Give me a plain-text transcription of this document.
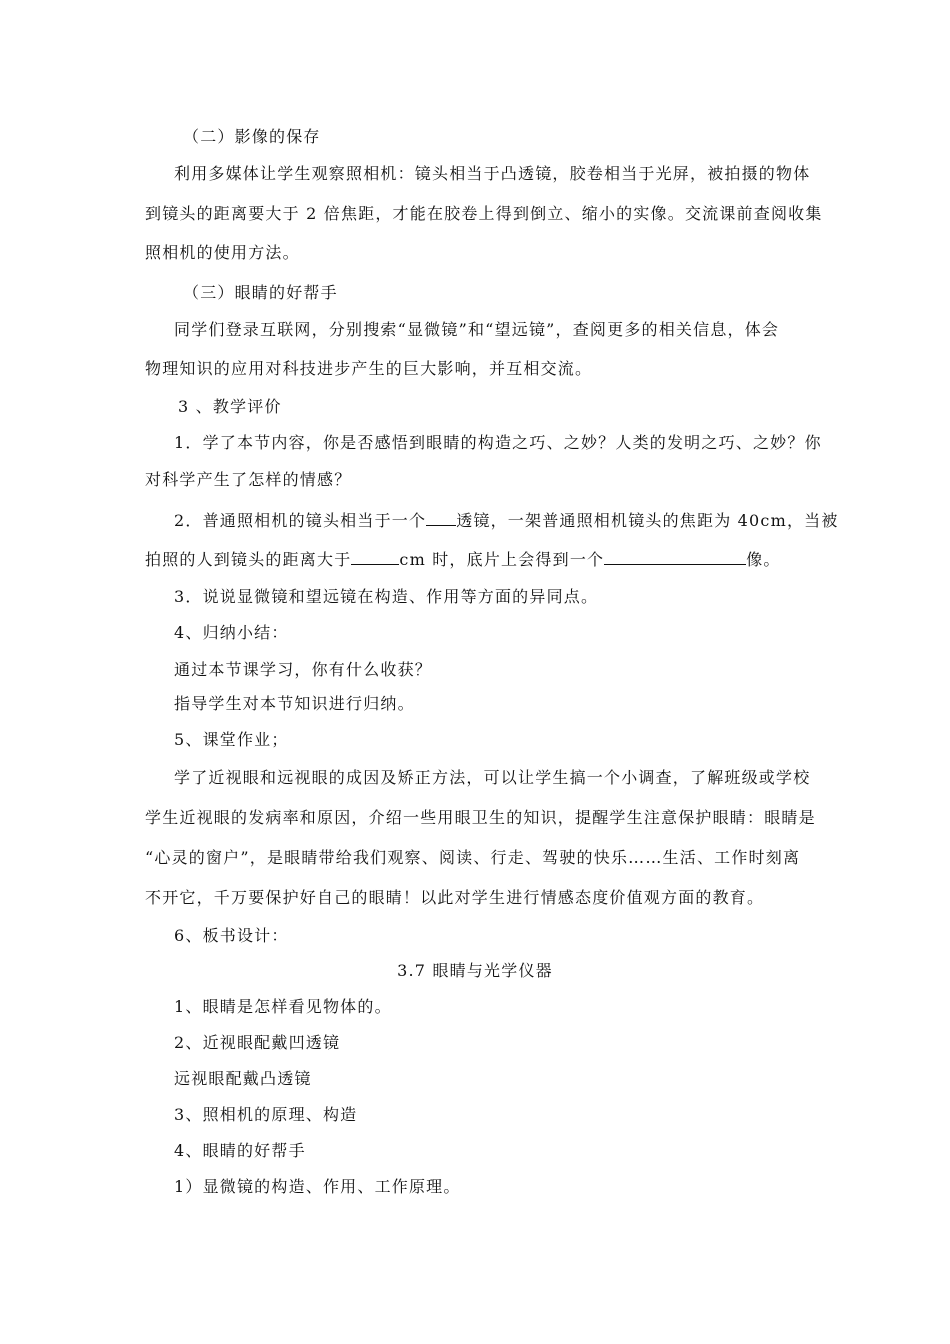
（二）影像的保存
利用多媒体让学生观察照相机：镜头相当于凸透镜，胶卷相当于光屏，被拍摄的物体
到镜头的距离要大于 2 倍焦距，才能在胶卷上得到倒立、缩小的实像。交流课前查阅收集
照相机的使用方法。
（三）眼睛的好帮手
同学们登录互联网，分别搜索“显微镜”和“望远镜”，查阅更多的相关信息，体会
物理知识的应用对科技进步产生的巨大影响，并互相交流。
3 、教学评价
1．学了本节内容，你是否感悟到眼睛的构造之巧、之妙？人类的发明之巧、之妙？你
对科学产生了怎样的情感？
2．普通照相机的镜头相当于一个 透镜，一架普通照相机镜头的焦距为 40cm，当被
拍照的人到镜头的距离大于	cm 时，底片上会得到一个	像。
3．说说显微镜和望远镜在构造、作用等方面的异同点。
4、归纳小结：
通过本节课学习，你有什么收获？
指导学生对本节知识进行归纳。
5、课堂作业；
学了近视眼和远视眼的成因及矫正方法，可以让学生搞一个小调查，了解班级或学校
学生近视眼的发病率和原因，介绍一些用眼卫生的知识，提醒学生注意保护眼睛：眼睛是
“心灵的窗户”，是眼睛带给我们观察、阅读、行走、驾驶的快乐……生活、工作时刻离
不开它，千万要保护好自己的眼睛！以此对学生进行情感态度价值观方面的教育。
6、板书设计：
3.7 眼睛与光学仪器
1、眼睛是怎样看见物体的。
2、近视眼配戴凹透镜
远视眼配戴凸透镜
3、照相机的原理、构造
4、眼睛的好帮手
1）显微镜的构造、作用、工作原理。
